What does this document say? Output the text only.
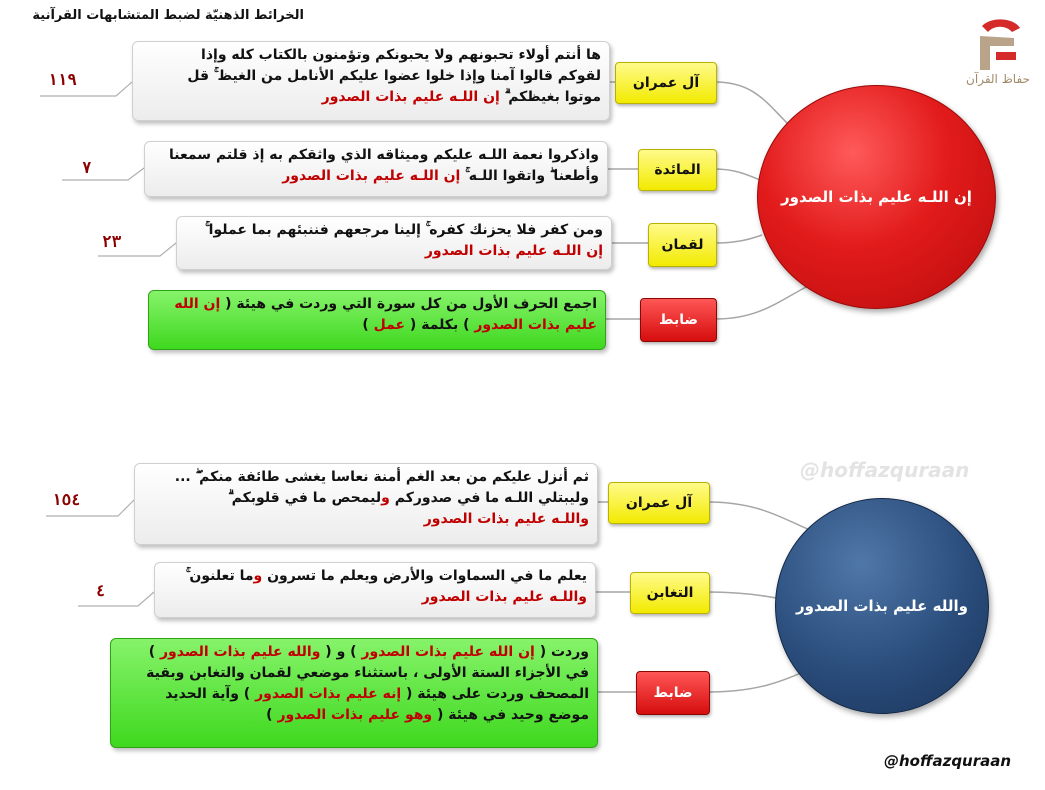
الخرائط الذهنيّة لضبط المتشابهات القرآنية
حفاظ القرآن
إن اللـه عليم بذات الصدور
آل عمران
ها أنتم أولاء تحبونهم ولا يحبونكم وتؤمنون بالكتاب كله وإذا
لقوكم قالوا آمنا وإذا خلوا عضوا عليكم الأنامل من الغيظ ۚ قل
موتوا بغيظكم ۗ إن اللـه عليم بذات الصدور
١١٩
المائدة
واذكروا نعمة اللـه عليكم وميثاقه الذي واثقكم به إذ قلتم سمعنا
وأطعنا ۖ واتقوا اللـه ۚ إن اللـه عليم بذات الصدور
٧
لقمان
ومن كفر فلا يحزنك كفره ۚ إلينا مرجعهم فننبئهم بما عملوا ۚ
إن اللـه عليم بذات الصدور
٢٣
ضابط
اجمع الحرف الأول من كل سورة التي وردت في هيئة ( إن الله
عليم بذات الصدور ) بكلمة ( عمل )
@hoffazquraan
والله عليم بذات الصدور
آل عمران
ثم أنزل عليكم من بعد الغم أمنة نعاسا يغشى طائفة منكم ۖ ...
وليبتلي اللـه ما في صدوركم وليمحص ما في قلوبكم ۗ
واللـه عليم بذات الصدور
١٥٤
التغابن
يعلم ما في السماوات والأرض ويعلم ما تسرون وما تعلنون ۚ
واللـه عليم بذات الصدور
٤
ضابط
وردت ( إن الله عليم بذات الصدور ) و ( والله عليم بذات الصدور )
في الأجزاء الستة الأولى ، باستثناء موضعي لقمان والتغابن وبقية
المصحف وردت على هيئة ( إنه عليم بذات الصدور ) وآية الحديد
موضع وحيد في هيئة ( وهو عليم بذات الصدور )
@hoffazquraan
